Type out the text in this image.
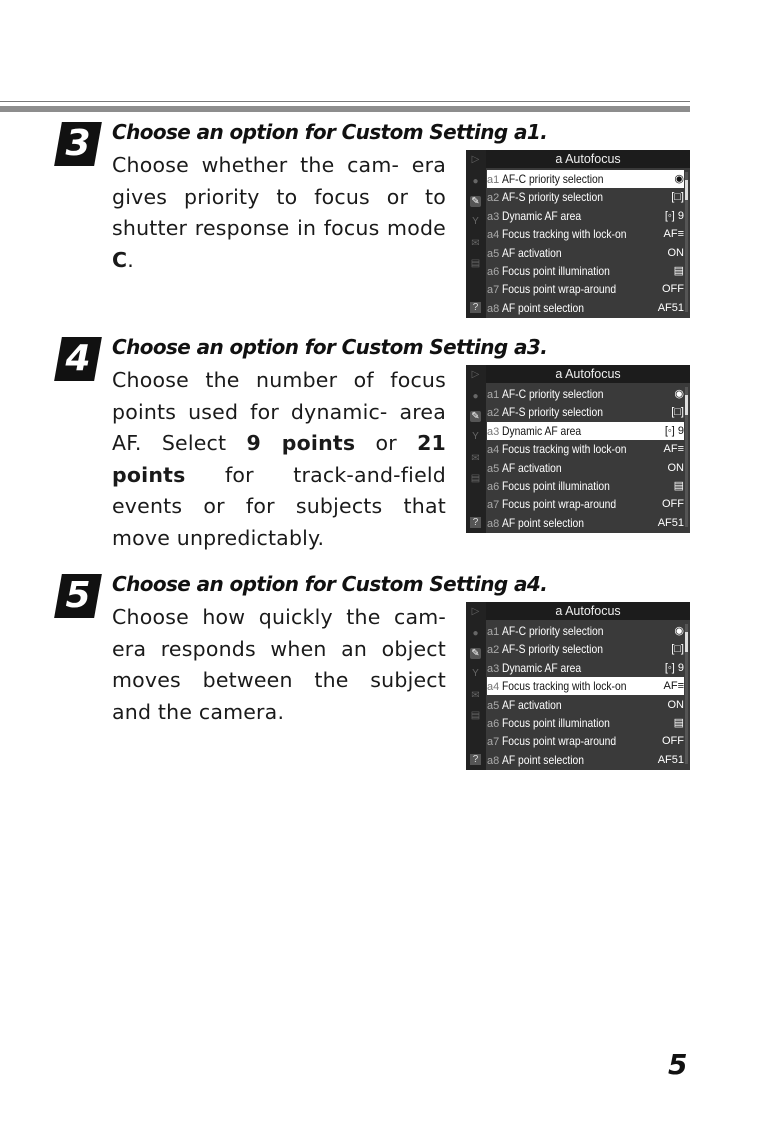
3	Choose an option for Custom Setting a1.
Choose whether the cam- era gives priority to focus or to shutter response in focus mode C.
▷
●
✎
Y
✉
▤
?
a Autofocus
a1 AF-C priority selection	◉
a2 AF-S priority selection	[□]
a3 Dynamic AF area	[◦] 9
a4 Focus tracking with lock-on	AF≡
a5 AF activation	ON
a6 Focus point illumination	▤
a7 Focus point wrap-around	OFF
a8 AF point selection	AF51
4	Choose an option for Custom Setting a3.
Choose the number of focus points used for dynamic- area AF. Select 9 points or 21 points for track-and-field events or for subjects that move unpredictably.
▷
●
✎
Y
✉
▤
?
a Autofocus
a1 AF-C priority selection	◉
a2 AF-S priority selection	[□]
a3 Dynamic AF area	[◦] 9
a4 Focus tracking with lock-on	AF≡
a5 AF activation	ON
a6 Focus point illumination	▤
a7 Focus point wrap-around	OFF
a8 AF point selection	AF51
5	Choose an option for Custom Setting a4.
Choose how quickly the cam- era responds when an object moves between the subject and the camera.
▷
●
✎
Y
✉
▤
?
a Autofocus
a1 AF-C priority selection	◉
a2 AF-S priority selection	[□]
a3 Dynamic AF area	[◦] 9
a4 Focus tracking with lock-on	AF≡
a5 AF activation	ON
a6 Focus point illumination	▤
a7 Focus point wrap-around	OFF
a8 AF point selection	AF51
5
